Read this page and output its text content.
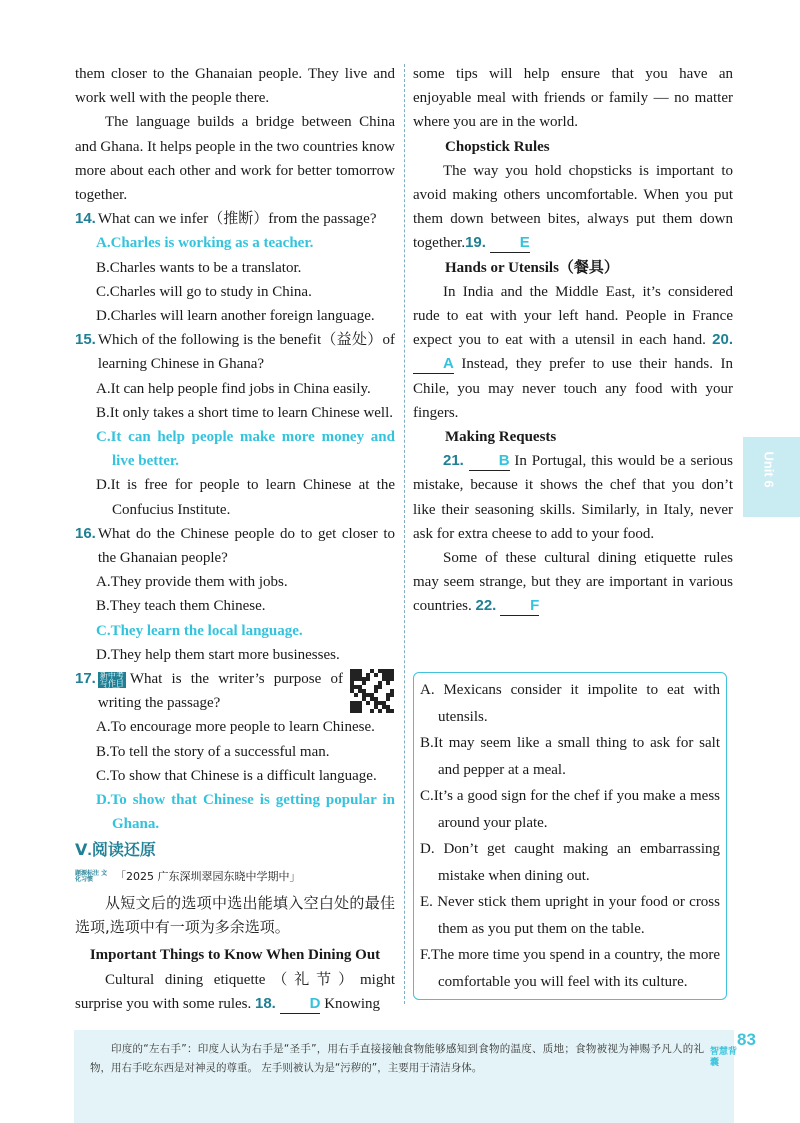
them closer to the Ghanaian people. They live and work well with the people there.

The language builds a bridge between China and Ghana. It helps people in the two countries know more about each other and work for better tomorrow together.

14. What can we infer（推断）from the passage?

A.Charles is working as a teacher.

B.Charles wants to be a translator.

C.Charles will go to study in China.

D.Charles will learn another foreign language.

15. Which of the following is the benefit（益处）of learning Chinese in Ghana?

A.It can help people find jobs in China easily.

B.It only takes a short time to learn Chinese well.

C.It can help people make more money and live better.

D.It is free for people to learn Chinese at the Confucius Institute.

16. What do the Chinese people do to get closer to the Ghanaian people?

A.They provide them with jobs.

B.They teach them Chinese.

C.They learn the local language.

D.They help them start more businesses.

17. 新中考 写作目的题What is the writer’s purpose of writing the passage?

A.To encourage more people to learn Chinese.

B.To tell the story of a successful man.

C.To show that Chinese is a difficult language.

D.To show that Chinese is getting popular in Ghana.

Ⅴ.阅读还原
题源标注 文化习惯	「2025 广东深圳翠园东晓中学期中」

从短文后的选项中选出能填入空白处的最佳选项,选项中有一项为多余选项。

Important Things to Know When Dining Out

Cultural dining etiquette（礼节）might surprise you with some rules. 18. D Knowing

some tips will help ensure that you have an enjoyable meal with friends or family — no matter where you are in the world.

Chopstick Rules

The way you hold chopsticks is important to avoid making others uncomfortable. When you put them down between bites, always put them down together.19. E

Hands or Utensils（餐具）

In India and the Middle East, it’s considered rude to eat with your left hand. People in France expect you to eat with a utensil in each hand. 20. A Instead, they prefer to use their hands. In Chile, you may never touch any food with your fingers.

Making Requests

21. B In Portugal, this would be a serious mistake, because it shows the chef that you don’t like their seasoning skills. Similarly, in Italy, never ask for extra cheese to add to your food.

Some of these cultural dining etiquette rules may seem strange, but they are important in various countries. 22. F

A. Mexicans consider it impolite to eat with utensils.

B.It may seem like a small thing to ask for salt and pepper at a meal.

C.It’s a good sign for the chef if you make a mess around your plate.

D. Don’t get caught making an embarrassing mistake when dining out.

E. Never stick them upright in your food or cross them as you put them on the table.

F.The more time you spend in a country, the more comfortable you will feel with its culture.

Unit 6

印度的“左右手”：印度人认为右手是“圣手”，用右手直接接触食物能够感知到食物的温度、质地；食物被视为神赐予凡人的礼物，用右手吃东西是对神灵的尊重。 左手则被认为是“污秽的”，主要用于清洁身体。

83
智慧背囊
